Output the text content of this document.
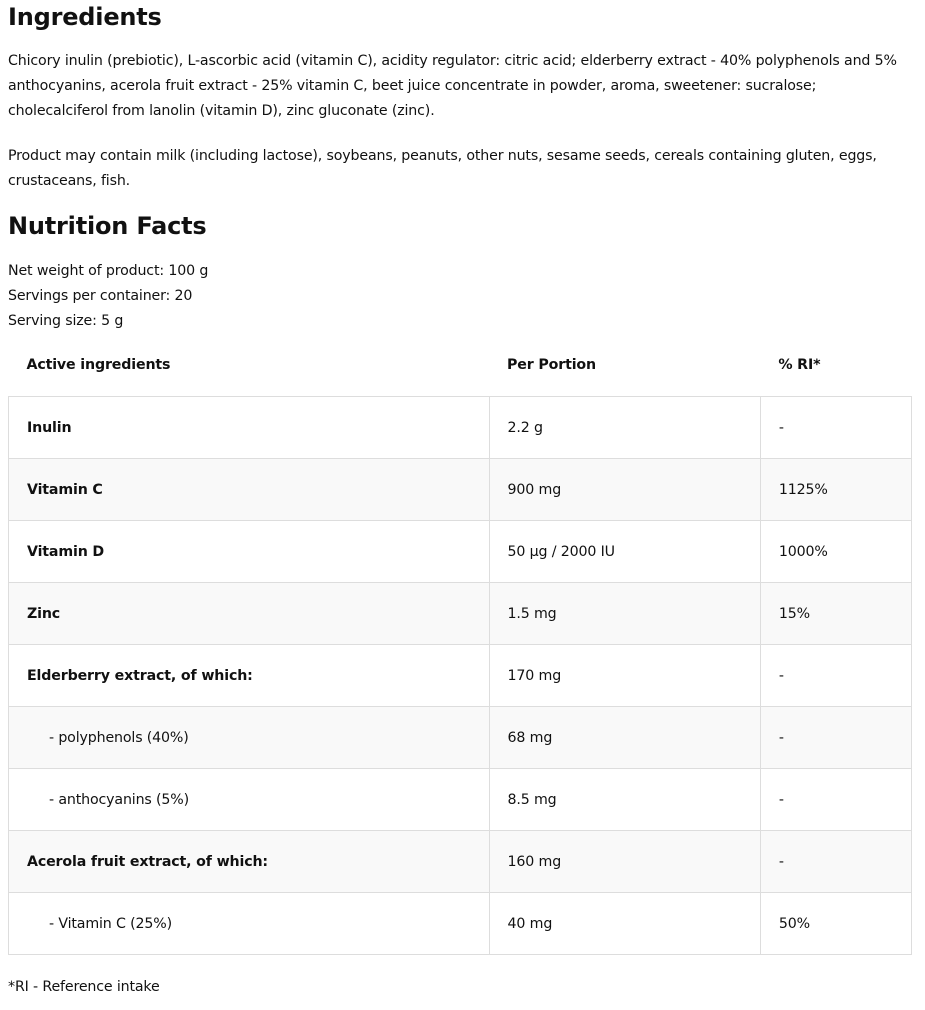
Ingredients

Chicory inulin (prebiotic), L-ascorbic acid (vitamin C), acidity regulator: citric acid; elderberry extract - 40% polyphenols and 5% anthocyanins, acerola fruit extract - 25% vitamin C, beet juice concentrate in powder, aroma, sweetener: sucralose; cholecalciferol from lanolin (vitamin D), zinc gluconate (zinc).

Product may contain milk (including lactose), soybeans, peanuts, other nuts, sesame seeds, cereals containing gluten, eggs, crustaceans, fish.

Nutrition Facts
Net weight of product: 100 g
Servings per container: 20
Serving size: 5 g
Active ingredients	Per Portion	% RI*
Inulin	2.2 g	-
Vitamin C	900 mg	1125%
Vitamin D	50 µg / 2000 IU	1000%
Zinc	1.5 mg	15%
Elderberry extract, of which:	170 mg	-
- polyphenols (40%)	68 mg	-
- anthocyanins (5%)	8.5 mg	-
Acerola fruit extract, of which:	160 mg	-
- Vitamin C (25%)	40 mg	50%
*RI - Reference intake
